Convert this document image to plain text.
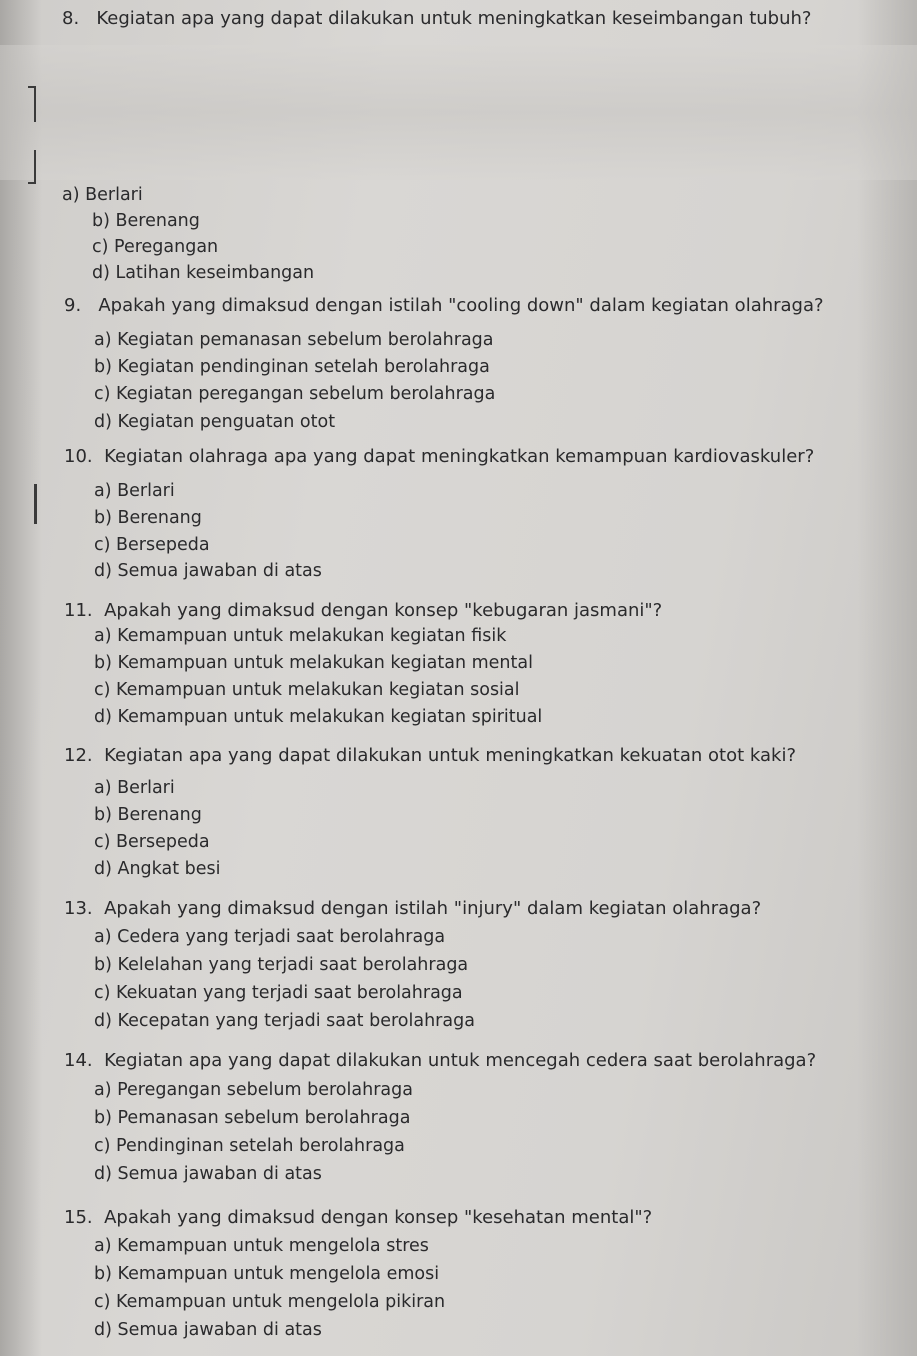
8. Kegiatan apa yang dapat dilakukan untuk meningkatkan keseimbangan tubuh?
a) Berlari
b) Berenang
c) Peregangan
d) Latihan keseimbangan
9. Apakah yang dimaksud dengan istilah "cooling down" dalam kegiatan olahraga?
a) Kegiatan pemanasan sebelum berolahraga
b) Kegiatan pendinginan setelah berolahraga
c) Kegiatan peregangan sebelum berolahraga
d) Kegiatan penguatan otot
10. Kegiatan olahraga apa yang dapat meningkatkan kemampuan kardiovaskuler?
a) Berlari
b) Berenang
c) Bersepeda
d) Semua jawaban di atas
11. Apakah yang dimaksud dengan konsep "kebugaran jasmani"?
a) Kemampuan untuk melakukan kegiatan fisik
b) Kemampuan untuk melakukan kegiatan mental
c) Kemampuan untuk melakukan kegiatan sosial
d) Kemampuan untuk melakukan kegiatan spiritual
12. Kegiatan apa yang dapat dilakukan untuk meningkatkan kekuatan otot kaki?
a) Berlari
b) Berenang
c) Bersepeda
d) Angkat besi
13. Apakah yang dimaksud dengan istilah "injury" dalam kegiatan olahraga?
a) Cedera yang terjadi saat berolahraga
b) Kelelahan yang terjadi saat berolahraga
c) Kekuatan yang terjadi saat berolahraga
d) Kecepatan yang terjadi saat berolahraga
14. Kegiatan apa yang dapat dilakukan untuk mencegah cedera saat berolahraga?
a) Peregangan sebelum berolahraga
b) Pemanasan sebelum berolahraga
c) Pendinginan setelah berolahraga
d) Semua jawaban di atas
15. Apakah yang dimaksud dengan konsep "kesehatan mental"?
a) Kemampuan untuk mengelola stres
b) Kemampuan untuk mengelola emosi
c) Kemampuan untuk mengelola pikiran
d) Semua jawaban di atas
